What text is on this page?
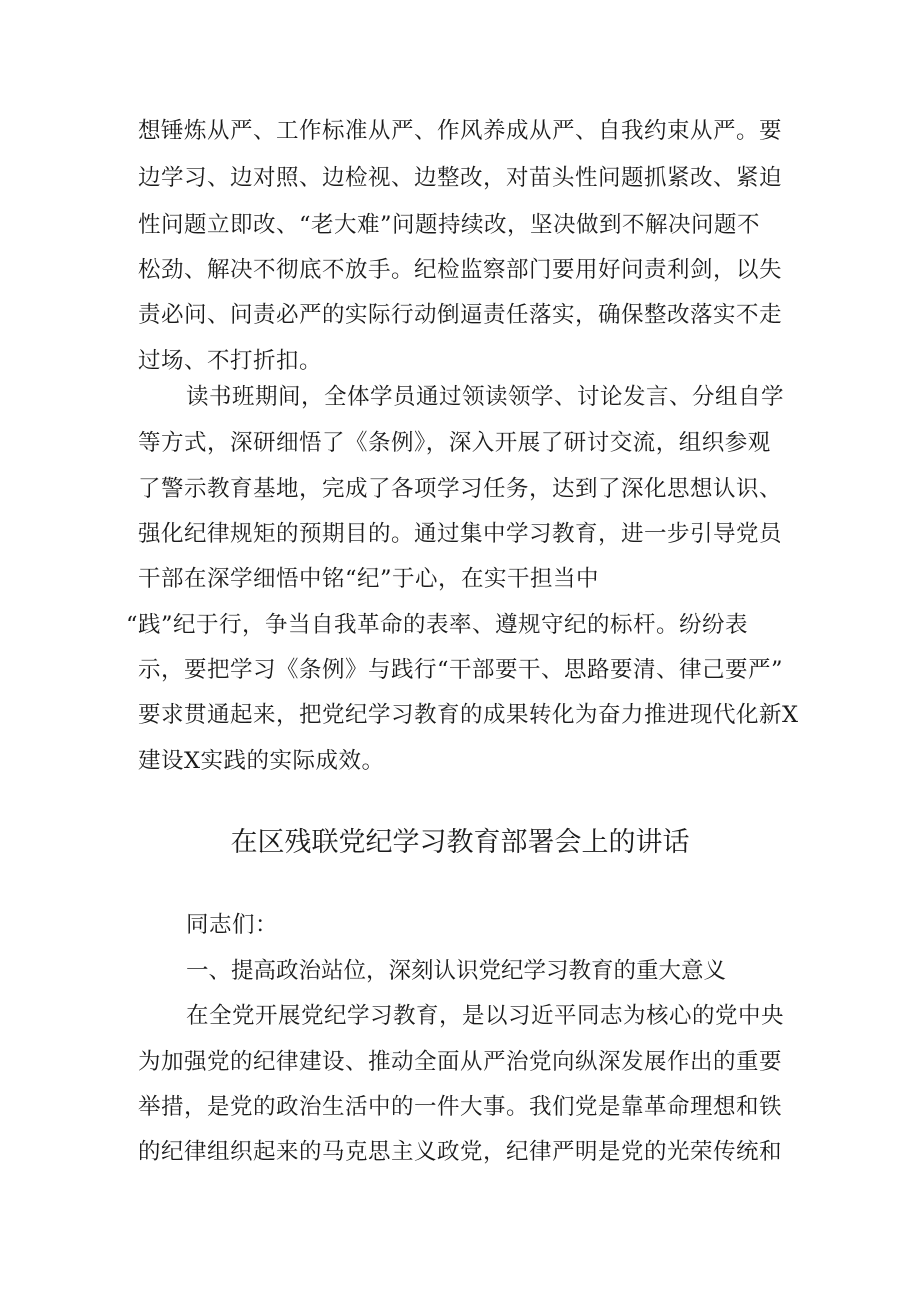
想锤炼从严、工作标准从严、作风养成从严、自我约束从严。要
边学习、边对照、边检视、边整改，对苗头性问题抓紧改、紧迫
性问题立即改、“老大难”问题持续改，坚决做到不解决问题不
松劲、解决不彻底不放手。纪检监察部门要用好问责利剑，以失
责必问、问责必严的实际行动倒逼责任落实，确保整改落实不走
过场、不打折扣。
读书班期间，全体学员通过领读领学、讨论发言、分组自学
等方式，深研细悟了《条例》，深入开展了研讨交流，组织参观
了警示教育基地，完成了各项学习任务，达到了深化思想认识、
强化纪律规矩的预期目的。通过集中学习教育，进一步引导党员
干部在深学细悟中铭“纪”于心，在实干担当中
“践”纪于行，争当自我革命的表率、遵规守纪的标杆。纷纷表
示，要把学习《条例》与践行“干部要干、思路要清、律己要严”
要求贯通起来，把党纪学习教育的成果转化为奋力推进现代化新X
建设X实践的实际成效。
在区残联党纪学习教育部署会上的讲话
同志们：
一、提高政治站位，深刻认识党纪学习教育的重大意义
在全党开展党纪学习教育，是以习近平同志为核心的党中央
为加强党的纪律建设、推动全面从严治党向纵深发展作出的重要
举措，是党的政治生活中的一件大事。我们党是靠革命理想和铁
的纪律组织起来的马克思主义政党，纪律严明是党的光荣传统和
